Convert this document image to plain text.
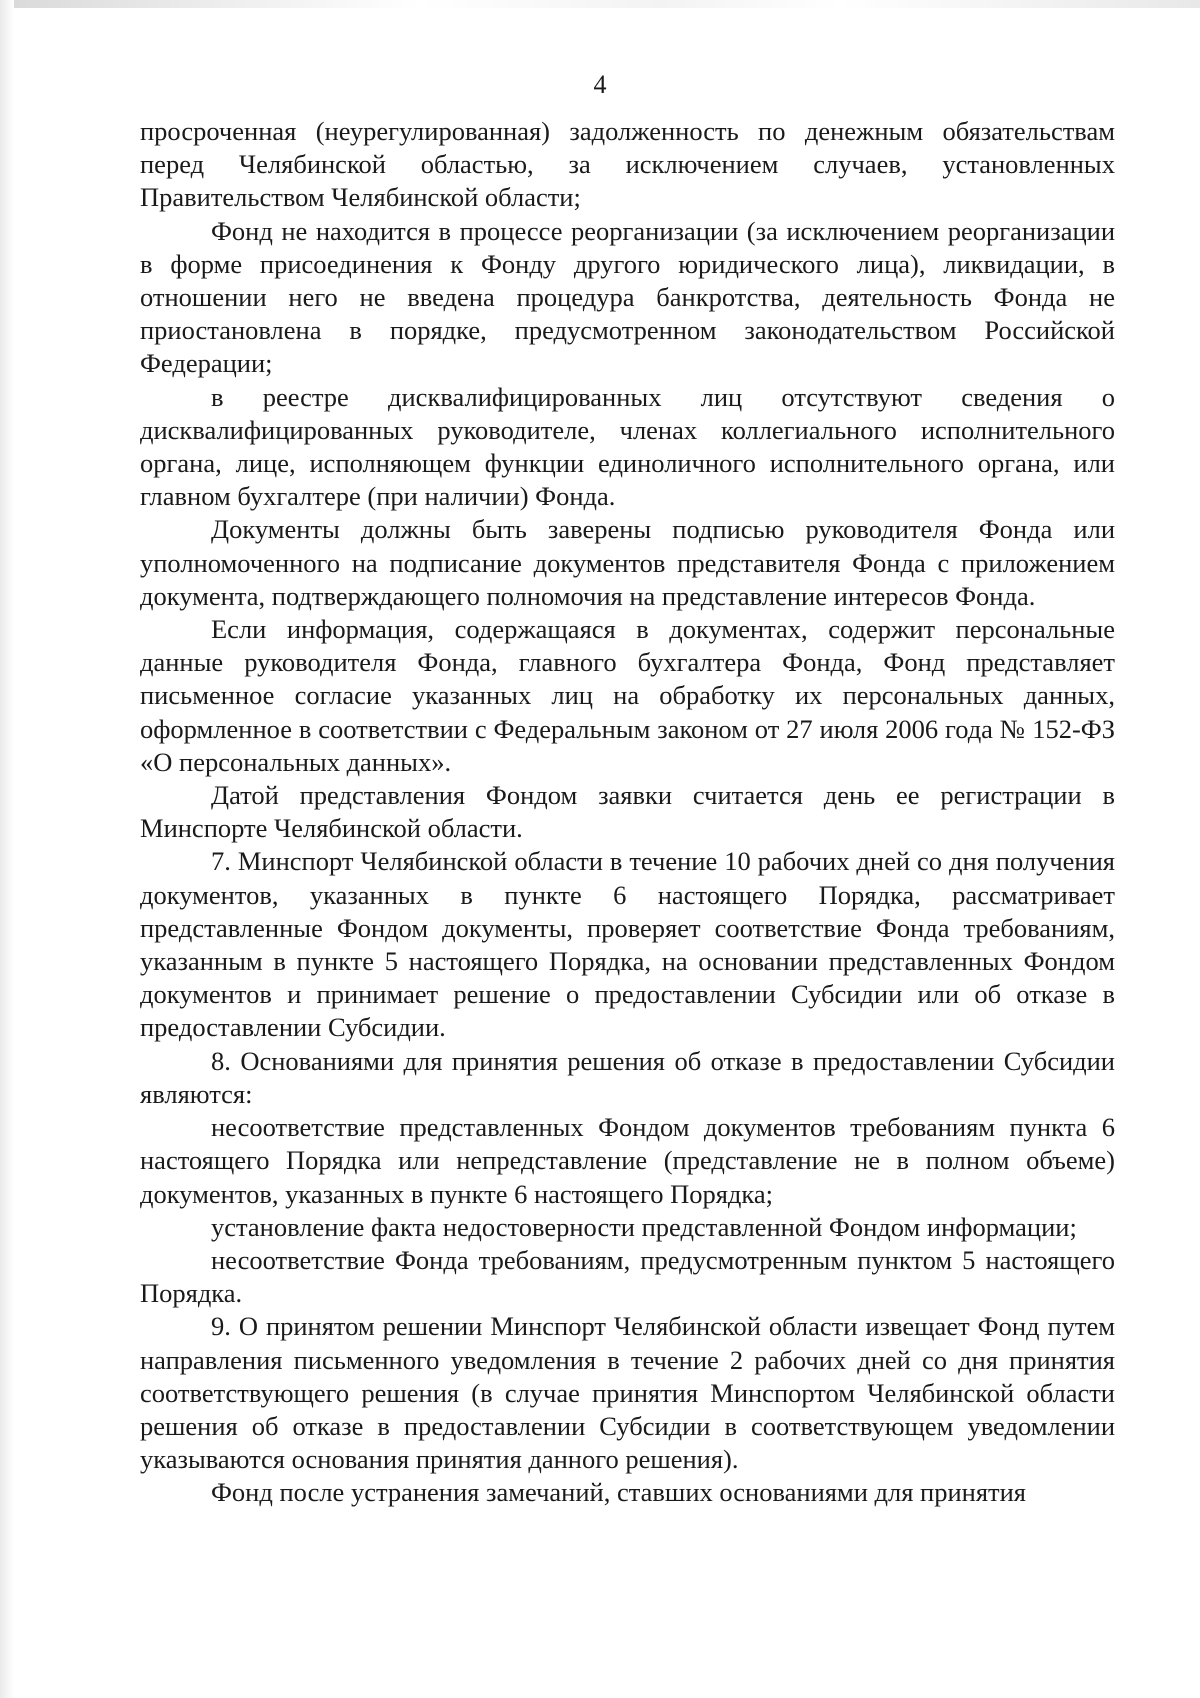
4

просроченная (неурегулированная) задолженность по денежным обязательствам перед Челябинской областью, за исключением случаев, установленных Правительством Челябинской области;

Фонд не находится в процессе реорганизации (за исключением реорганизации в форме присоединения к Фонду другого юридического лица), ликвидации, в отношении него не введена процедура банкротства, деятельность Фонда не приостановлена в порядке, предусмотренном законодательством Российской Федерации;

в реестре дисквалифицированных лиц отсутствуют сведения о дисквалифицированных руководителе, членах коллегиального исполнительного органа, лице, исполняющем функции единоличного исполнительного органа, или главном бухгалтере (при наличии) Фонда.

Документы должны быть заверены подписью руководителя Фонда или уполномоченного на подписание документов представителя Фонда с приложением документа, подтверждающего полномочия на представление интересов Фонда.

Если информация, содержащаяся в документах, содержит персональные данные руководителя Фонда, главного бухгалтера Фонда, Фонд представляет письменное согласие указанных лиц на обработку их персональных данных, оформленное в соответствии с Федеральным законом от 27 июля 2006 года № 152-ФЗ «О персональных данных».

Датой представления Фондом заявки считается день ее регистрации в Минспорте Челябинской области.

7. Минспорт Челябинской области в течение 10 рабочих дней со дня получения документов, указанных в пункте 6 настоящего Порядка, рассматривает представленные Фондом документы, проверяет соответствие Фонда требованиям, указанным в пункте 5 настоящего Порядка, на основании представленных Фондом документов и принимает решение о предоставлении Субсидии или об отказе в предоставлении Субсидии.

8. Основаниями для принятия решения об отказе в предоставлении Субсидии являются:

несоответствие представленных Фондом документов требованиям пункта 6 настоящего Порядка или непредставление (представление не в полном объеме) документов, указанных в пункте 6 настоящего Порядка;

установление факта недостоверности представленной Фондом информации;

несоответствие Фонда требованиям, предусмотренным пунктом 5 настоящего Порядка.

9. О принятом решении Минспорт Челябинской области извещает Фонд путем направления письменного уведомления в течение 2 рабочих дней со дня принятия соответствующего решения (в случае принятия Минспортом Челябинской области решения об отказе в предоставлении Субсидии в соответствующем уведомлении указываются основания принятия данного решения).

Фонд после устранения замечаний, ставших основаниями для принятия
